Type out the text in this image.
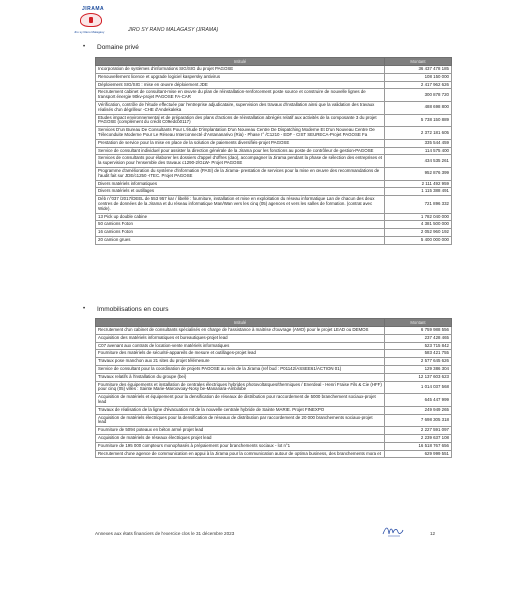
JIRAMA
Jiro sy Rano Malagasy	JIRO SY RANO MALAGASY (JIRAMA)
• Domaine privé
Intitulé	Montant
Incorporation de systèmes d'informations SIG/SIG du projet PAGOSE	36 437 478 185
Renouvellement licence et upgrade logiciel kaspersky antivirus	108 150 000
Déploiement SIG/SIG : mise en œuvre déploiement JDE	2 417 962 626
Recrutement cabinet de consultant-mise en œuvre du plan de réinstallation-renforcement poste source et construire de nouvelle lignes de transport énergie 90kv-projet PAGOSE FA-CAR	300 878 720
Vérification, contrôle de l'étude effectuée par l'entreprise adjudicataire, supervision des travaux d'installation ainsi que la validation des travaux réalisés d'un dégrilleur -CHE d'Andekaleka	488 698 800
Etudes impact environnemental et de préparation des plans d'actions de réinstallation abrégés relatif aux activités de la composante 3 du projet PAGOSE (complément du crédit C09edcb0117)	5 738 150 889
Services D'un Bureau De Consultants Pour L'étude D'implantation D'un Nouveau Centre De Dispatching Moderne Et D'un Nouveau Centre De Téleconduite Moderne Pour Le Réseau Interconnecté d'Antananarivo (Ria) - Phase I° /C1210 - EDF - CIST SEURECA-Projet PAGOSE Fa	2 372 181 605
Prestation de service pour la mise en place de la solution de paiements diversifiés-projet PAGOSE	335 544 459
Service de consultant individuel pour assister la direction générale de la Jirama pour les fonctions au poste de contrôleur de gestion-PAGOSE	114 575 400
Services de consultants pour élaborer les dossiers d'appel d'offres (dao), accompagner la Jirama pendant la phase de sélection des entreprises et la supervision pour l'ensemble des travaux c1290-2/GLW- Projet PAGOSE	434 535 261
Programme d'amélioration du système d'information (PASI) de la Jirama- prestation de services pour la mise en œuvre des recommandations de l'audit fait sur JDE/c1250 -ITEC. Projet PAGOSE	952 876 399
Divers matériels informatiques	2 111 492 959
Divers matériels et outillages	1 115 388 491
Déb n°037 /2017/DEEL de 553 957 kar / libellé : fourniture, installation et mise en exploitation du réseau informatique Lan de chacun des deux centres de données de la Jirama et du réseau informatique Man/Wan vers les cinq (05) agences et vers les salles de formation. (contrat avec Wide).	721 896 332
13 Pick up double cabine	1 782 040 000
50 camions Foton	4 381 500 000
16 camions Foton	2 052 960 192
20 camion grues	5 400 000 000
• Immobilisations en cours
Intitulé	Montant
Recrutement d'un cabinet de consultants spécialisés en charge de l'assistance à maitrise d'ouvrage (AMO) pour le projet LEAD ou DEMOS	6 759 988 556
Acquisition des matériels informatiques et bureautiques-projet lead	237 428 465
C07 avenant aux contrats de location-vente matériels informatiques	523 715 842
Fourniture des matériels de sécurité-appareils de mesure et outillages-projet lead	583 421 755
Travaux pose manchon aux 21 sites du projet télémesure	2 577 645 626
Service de consultant pour la coordination de projets PAGOSE au sein de la Jirama (ref bud : P01142/ASSEE61/ACTION 01)	129 386 304
Travaux relatifs à l'installation du groupe (bei)	12 137 603 623
Fourniture des équipements et installation de centrales électriques hybrides photovoltaïques/thermiques / Enerdeal - Henri Fraise Fils & Cie (HFF) pour cinq (05) villes : Sainte Marie-Maroovoay-Nosy be-Mananara-Ambilobe	1 014 037 568
Acquisition de matériels et équipement pour la densification de réseaux de distribution pour raccordement de 5000 branchement sociaux-projet lead	645 447 999
Travaux de réalisation de la ligne d'évacuation mt de la nouvelle centrale hybride de Sainte MARIE. Projet FINEXPO	249 949 265
Acquisition de matériels électriques pour la densification de réseaux de distribution par raccordement de 20 000 branchements sociaux-projet lead	7 698 305 318
Fourniture de 5094 poteaux en béton armé projet lead	2 227 591 097
Acquisition de matériels de réseaux électriques projet lead	2 239 637 108
Fourniture de 195 000 compteurs monophasés à prépaiement pour branchements sociaux - lot n°1	16 518 767 656
Recrutement d'une agence de communication en appui à la Jirama pour la communication autour de optima business, des branchements mora et	629 999 551
Annexes aux états financiers de l'exercice clos le 31 décembre 2023	12
